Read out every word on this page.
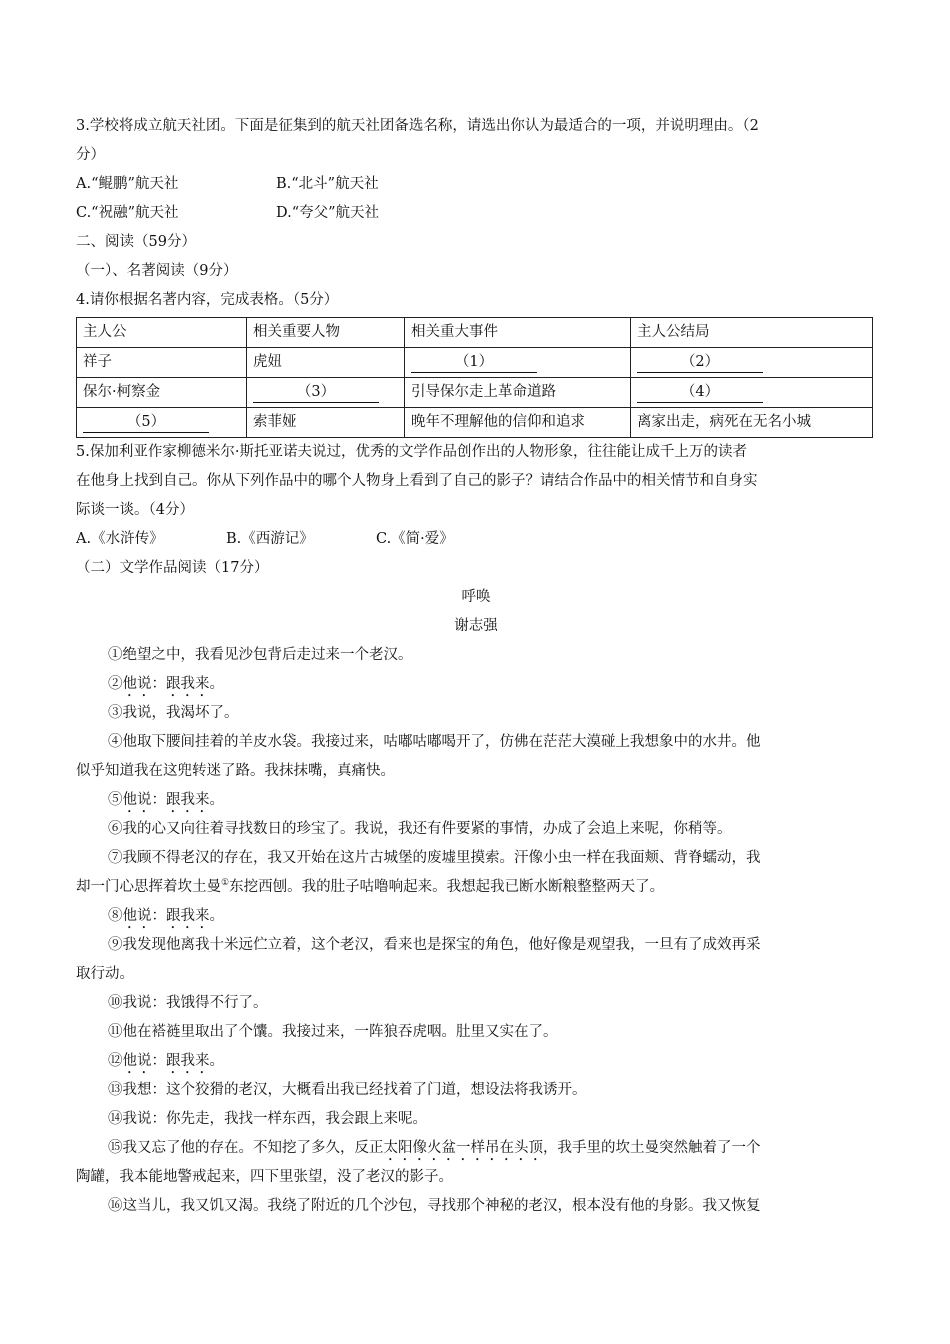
3.学校将成立航天社团。下面是征集到的航天社团备选名称，请选出你认为最适合的一项，并说明理由。（2
分）
A.“鲲鹏”航天社	B.“北斗”航天社
C.“祝融”航天社	D.“夸父”航天社
二、阅读（59分）
（一）、名著阅读（9分）
4.请你根据名著内容，完成表格。（5分）
主人公	相关重要人物	相关重大事件	主人公结局
祥子	虎妞	（1）	（2）
保尔·柯察金	（3）	引导保尔走上革命道路	（4）
（5）	索菲娅	晚年不理解他的信仰和追求	离家出走，病死在无名小城
5.保加利亚作家柳德米尔·斯托亚诺夫说过，优秀的文学作品创作出的人物形象，往往能让成千上万的读者
在他身上找到自己。你从下列作品中的哪个人物身上看到了自己的影子？请结合作品中的相关情节和自身实
际谈一谈。（4分）
A.《水浒传》	B.《西游记》	C.《简·爱》
（二）文学作品阅读（17分）
呼唤
谢志强
①绝望之中，我看见沙包背后走过来一个老汉。
②他说：跟我来。
③我说，我渴坏了。
④他取下腰间挂着的羊皮水袋。我接过来，咕嘟咕嘟喝开了，仿佛在茫茫大漠碰上我想象中的水井。他
似乎知道我在这兜转迷了路。我抹抹嘴，真痛快。
⑤他说：跟我来。
⑥我的心又向往着寻找数日的珍宝了。我说，我还有件要紧的事情，办成了会追上来呢，你稍等。
⑦我顾不得老汉的存在，我又开始在这片古城堡的废墟里摸索。汗像小虫一样在我面颊、背脊蠕动，我
却一门心思挥着坎土曼①东挖西刨。我的肚子咕噜响起来。我想起我已断水断粮整整两天了。
⑧他说：跟我来。
⑨我发现他离我十米远伫立着，这个老汉，看来也是探宝的角色，他好像是观望我，一旦有了成效再采
取行动。
⑩我说：我饿得不行了。
⑪他在褡裢里取出了个馕。我接过来，一阵狼吞虎咽。肚里又实在了。
⑫他说：跟我来。
⑬我想：这个狡猾的老汉，大概看出我已经找着了门道，想设法将我诱开。
⑭我说：你先走，我找一样东西，我会跟上来呢。
⑮我又忘了他的存在。不知挖了多久，反正太阳像火盆一样吊在头顶，我手里的坎土曼突然触着了一个
陶罐，我本能地警戒起来，四下里张望，没了老汉的影子。
⑯这当儿，我又饥又渴。我绕了附近的几个沙包，寻找那个神秘的老汉，根本没有他的身影。我又恢复
